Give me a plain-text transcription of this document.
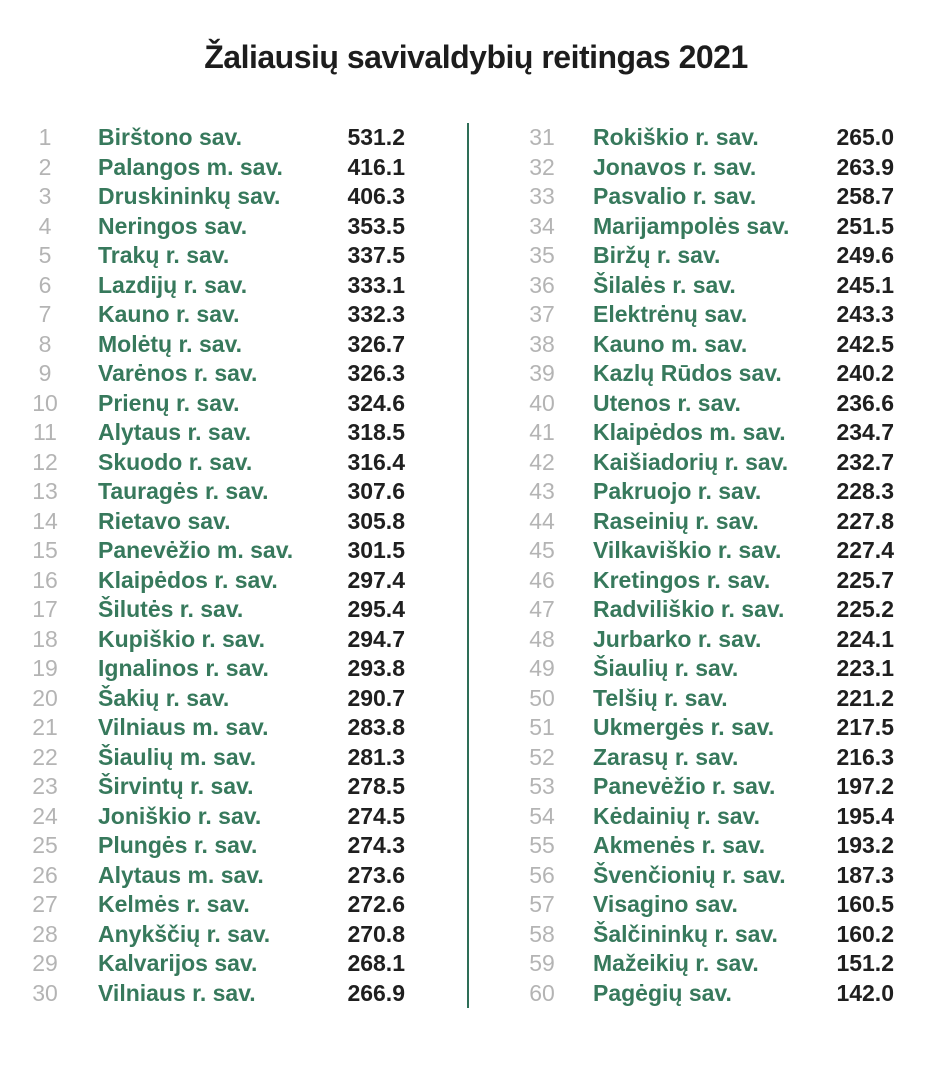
Žaliausių savivaldybių reitingas 2021
1	Birštono sav.	531.2
2	Palangos m. sav.	416.1
3	Druskininkų sav.	406.3
4	Neringos sav.	353.5
5	Trakų r. sav.	337.5
6	Lazdijų r. sav.	333.1
7	Kauno r. sav.	332.3
8	Molėtų r. sav.	326.7
9	Varėnos r. sav.	326.3
10	Prienų r. sav.	324.6
11	Alytaus r. sav.	318.5
12	Skuodo r. sav.	316.4
13	Tauragės r. sav.	307.6
14	Rietavo sav.	305.8
15	Panevėžio m. sav.	301.5
16	Klaipėdos r. sav.	297.4
17	Šilutės r. sav.	295.4
18	Kupiškio r. sav.	294.7
19	Ignalinos r. sav.	293.8
20	Šakių r. sav.	290.7
21	Vilniaus m. sav.	283.8
22	Šiaulių m. sav.	281.3
23	Širvintų r. sav.	278.5
24	Joniškio r. sav.	274.5
25	Plungės r. sav.	274.3
26	Alytaus m. sav.	273.6
27	Kelmės r. sav.	272.6
28	Anykščių r. sav.	270.8
29	Kalvarijos sav.	268.1
30	Vilniaus r. sav.	266.9
31	Rokiškio r. sav.	265.0
32	Jonavos r. sav.	263.9
33	Pasvalio r. sav.	258.7
34	Marijampolės sav.	251.5
35	Biržų r. sav.	249.6
36	Šilalės r. sav.	245.1
37	Elektrėnų sav.	243.3
38	Kauno m. sav.	242.5
39	Kazlų Rūdos sav.	240.2
40	Utenos r. sav.	236.6
41	Klaipėdos m. sav.	234.7
42	Kaišiadorių r. sav.	232.7
43	Pakruojo r. sav.	228.3
44	Raseinių r. sav.	227.8
45	Vilkaviškio r. sav.	227.4
46	Kretingos r. sav.	225.7
47	Radviliškio r. sav.	225.2
48	Jurbarko r. sav.	224.1
49	Šiaulių r. sav.	223.1
50	Telšių r. sav.	221.2
51	Ukmergės r. sav.	217.5
52	Zarasų r. sav.	216.3
53	Panevėžio r. sav.	197.2
54	Kėdainių r. sav.	195.4
55	Akmenės r. sav.	193.2
56	Švenčionių r. sav.	187.3
57	Visagino sav.	160.5
58	Šalčininkų r. sav.	160.2
59	Mažeikių r. sav.	151.2
60	Pagėgių sav.	142.0
